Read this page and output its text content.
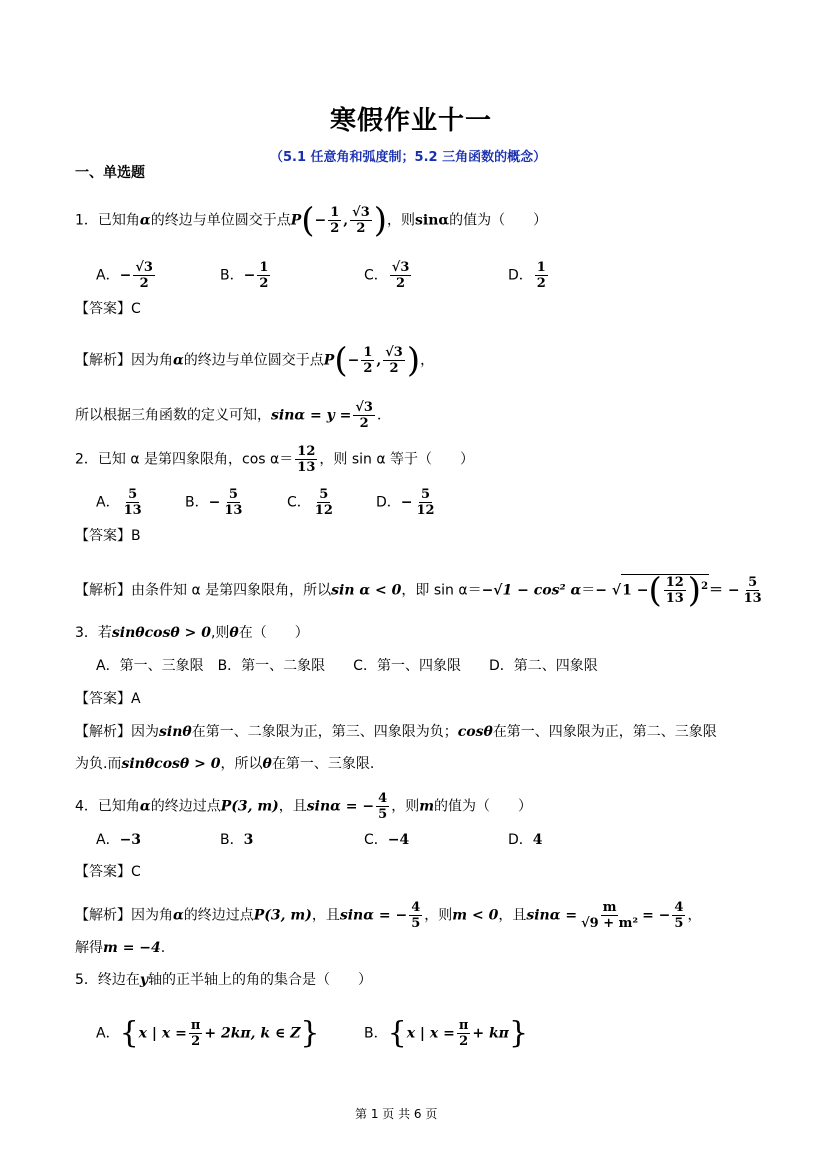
寒假作业十一
（5.1 任意角和弧度制；5.2 三角函数的概念）
一、单选题
1．已知角α的终边与单位圆交于点$P(- \frac{1}{2}$ , $\frac{√3}{2}$ )，则sinα的值为（　　）
A．− $\frac{√3}{2}$	B．− $\frac{1}{2}$	C． $\frac{√3}{2}$	D． $\frac{1}{2}$
【答案】C
【解析】因为角α的终边与单位圆交于点$P(- \frac{1}{2}$ , $\frac{√3}{2}$ )，
所以根据三角函数的定义可知，$\sin\alpha = y = \frac{√3}{2}$ ．
2．已知 α 是第四象限角，$\cos \alpha= \frac{12}{13}$ ，则 sin α 等于（　　）
A． $\frac{5}{13}$	B．− $\frac{5}{13}$	C． $\frac{5}{12}$	D．− $\frac{5}{12}$
【答案】B
【解析】由条件知 α 是第四象限角，所以sin α < 0，即 sin α＝−√1 − cos² α＝− √1 −( $\frac{12}{13} )^2= - \frac{5}{13}$
3．若sinθcosθ > 0,则θ在（　　）
A．第一、三象限　B．第一、二象限　　C．第一、四象限　　D．第二、四象限
【答案】A
【解析】因为sinθ在第一、二象限为正，第三、四象限为负；cosθ在第一、四象限为正，第二、三象限
为负.而sinθcosθ > 0，所以θ在第一、三象限.
4．已知角α的终边过点P(3, m)，且sinα = − $\frac{4}{5}$ ，则m的值为（　　）
A．−3	B．3	C．−4	D．4
【答案】C
【解析】因为角α的终边过点P(3, m)，且sinα = − $\frac{4}{5}$ ，则m < 0，且$\sin\alpha = \frac{m}{\text{√9 + m²}}$ = − $\frac{4}{5}$ ，
解得m = −4.
5．终边在y轴的正半轴上的角的集合是（　　）
A．{x | $x = \frac{\pi}{2} + 2k\pi$, k ∈ Z}	B．{x | $x = \frac{\pi}{2} + k\pi$}
第 1 页 共 6 页
